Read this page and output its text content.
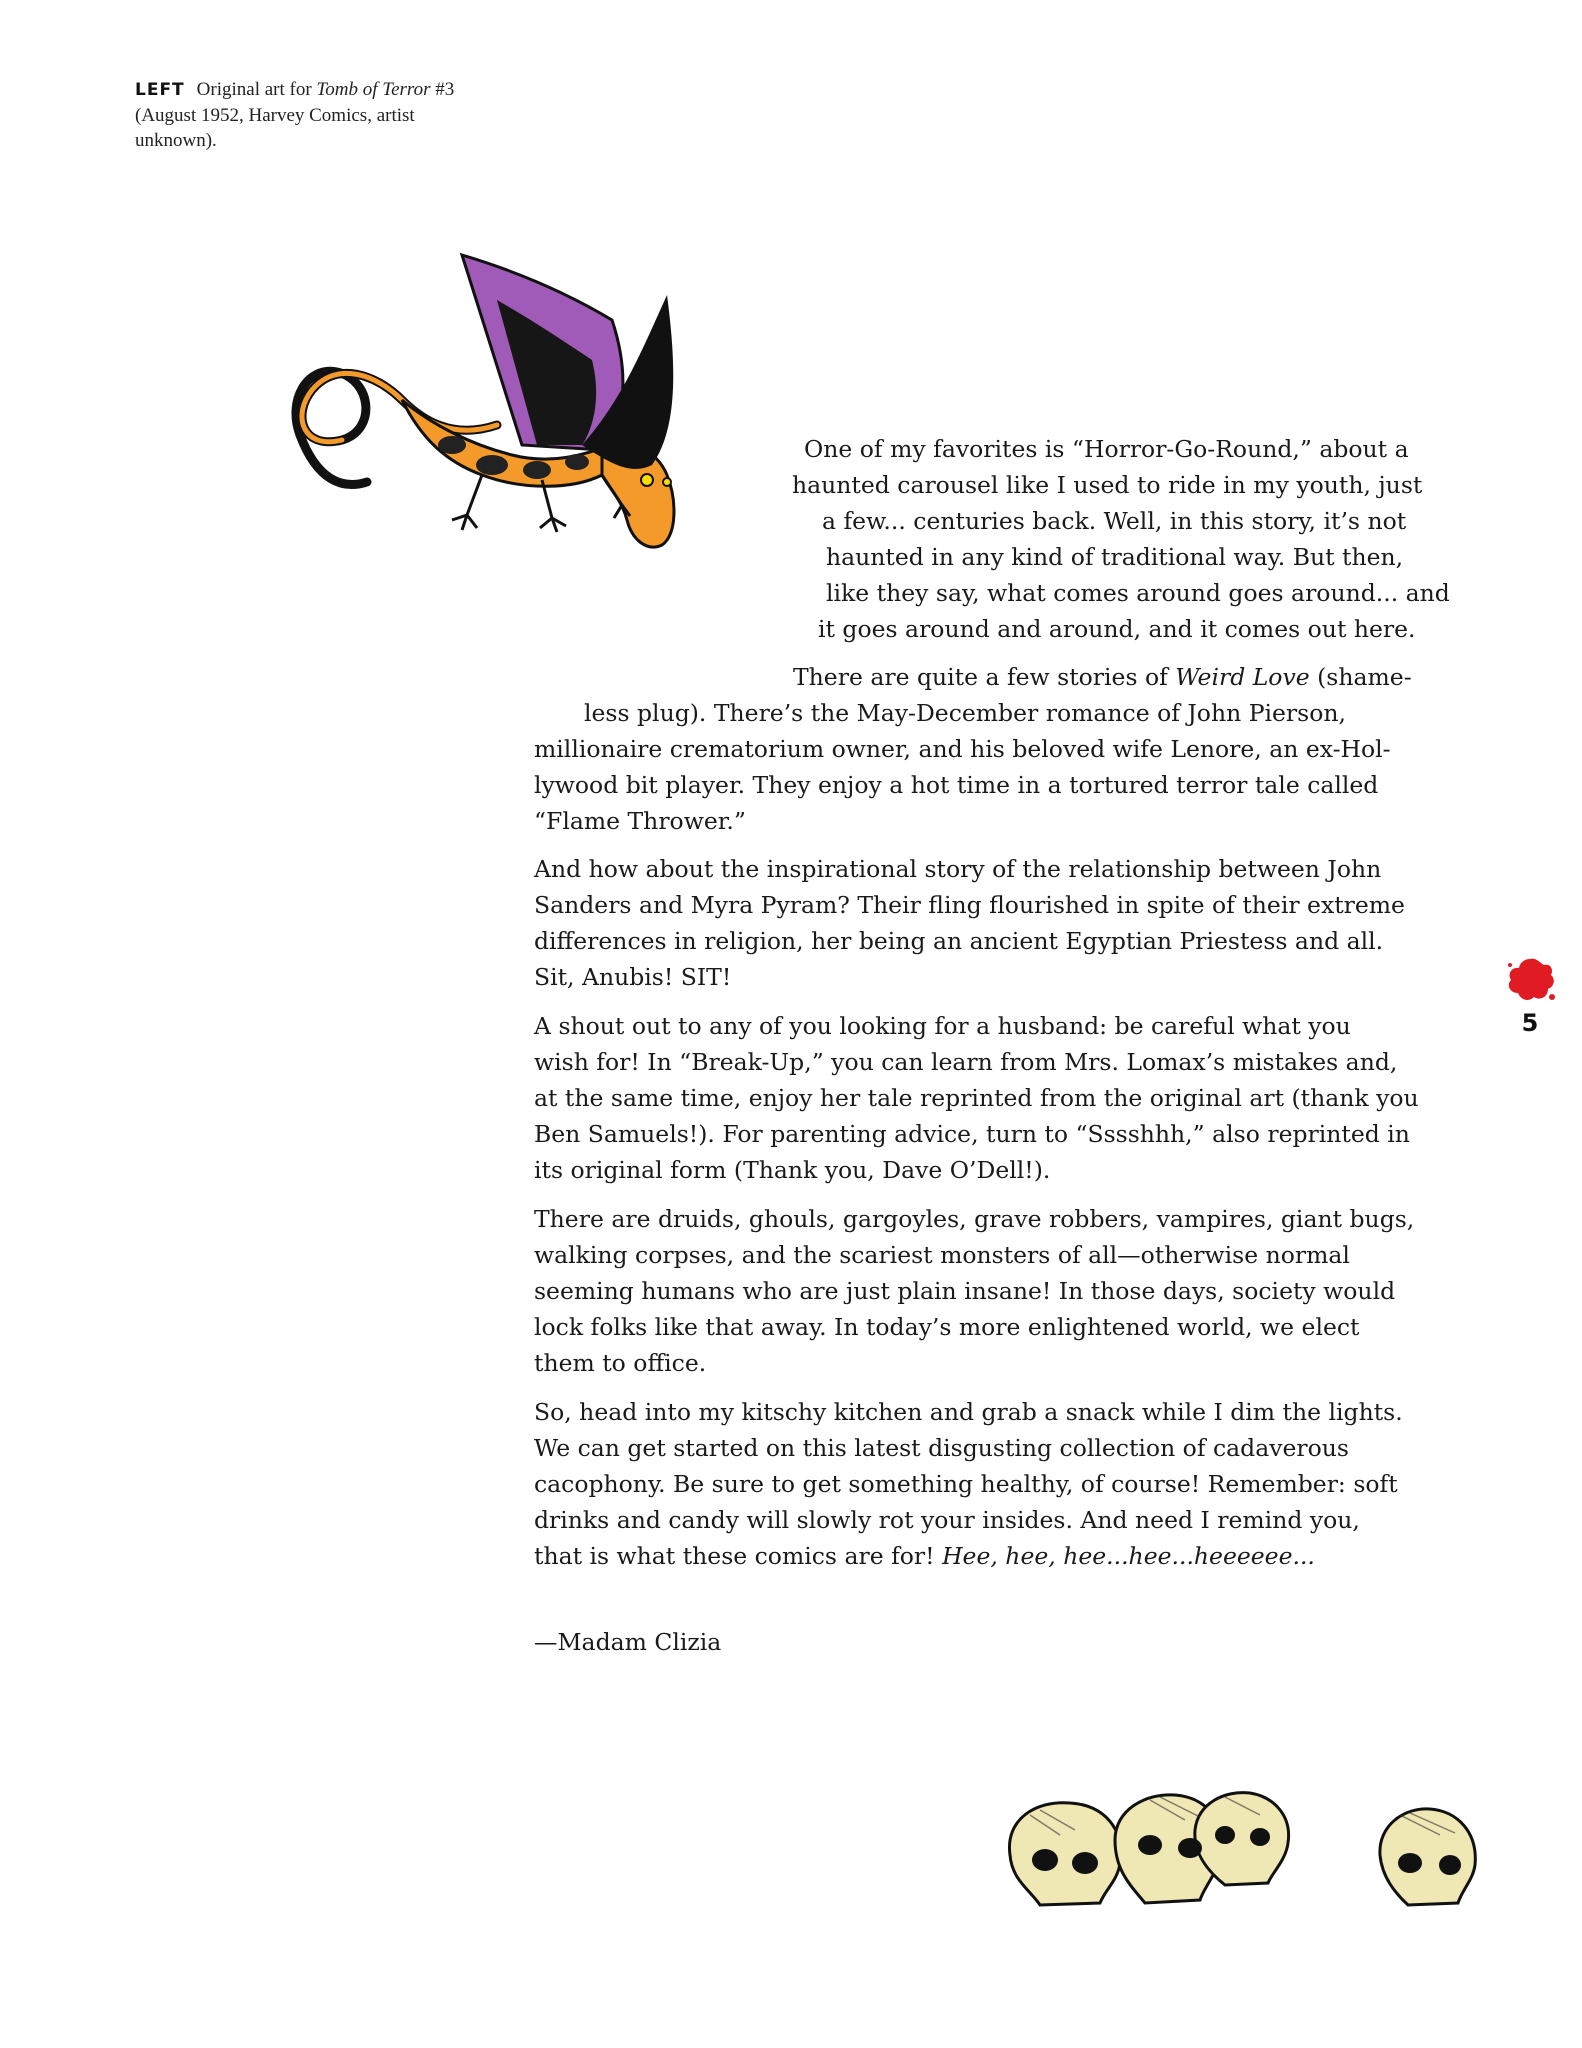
LEFT Original art for Tomb of Terror #3 (August 1952, Harvey Comics, artist unknown).
One of my favorites is “Horror-Go-Round,” about a
haunted carousel like I used to ride in my youth, just
a few... centuries back. Well, in this story, it’s not
haunted in any kind of traditional way. But then,
like they say, what comes around goes around... and
it goes around and around, and it comes out here.
There are quite a few stories of Weird Love (shame-
less plug). There’s the May-December romance of John Pierson,
millionaire crematorium owner, and his beloved wife Lenore, an ex-Hol-
lywood bit player. They enjoy a hot time in a tortured terror tale called
“Flame Thrower.”
And how about the inspirational story of the relationship between John
Sanders and Myra Pyram? Their fling flourished in spite of their extreme
differences in religion, her being an ancient Egyptian Priestess and all.
Sit, Anubis! SIT!
A shout out to any of you looking for a husband: be careful what you
wish for! In “Break-Up,” you can learn from Mrs. Lomax’s mistakes and,
at the same time, enjoy her tale reprinted from the original art (thank you
Ben Samuels!). For parenting advice, turn to “Sssshhh,” also reprinted in
its original form (Thank you, Dave O’Dell!).
There are druids, ghouls, gargoyles, grave robbers, vampires, giant bugs,
walking corpses, and the scariest monsters of all—otherwise normal
seeming humans who are just plain insane! In those days, society would
lock folks like that away. In today’s more enlightened world, we elect
them to office.
So, head into my kitschy kitchen and grab a snack while I dim the lights.
We can get started on this latest disgusting collection of cadaverous
cacophony. Be sure to get something healthy, of course! Remember: soft
drinks and candy will slowly rot your insides. And need I remind you,
that is what these comics are for! Hee, hee, hee...hee...heeeeee...
—Madam Clizia
5
